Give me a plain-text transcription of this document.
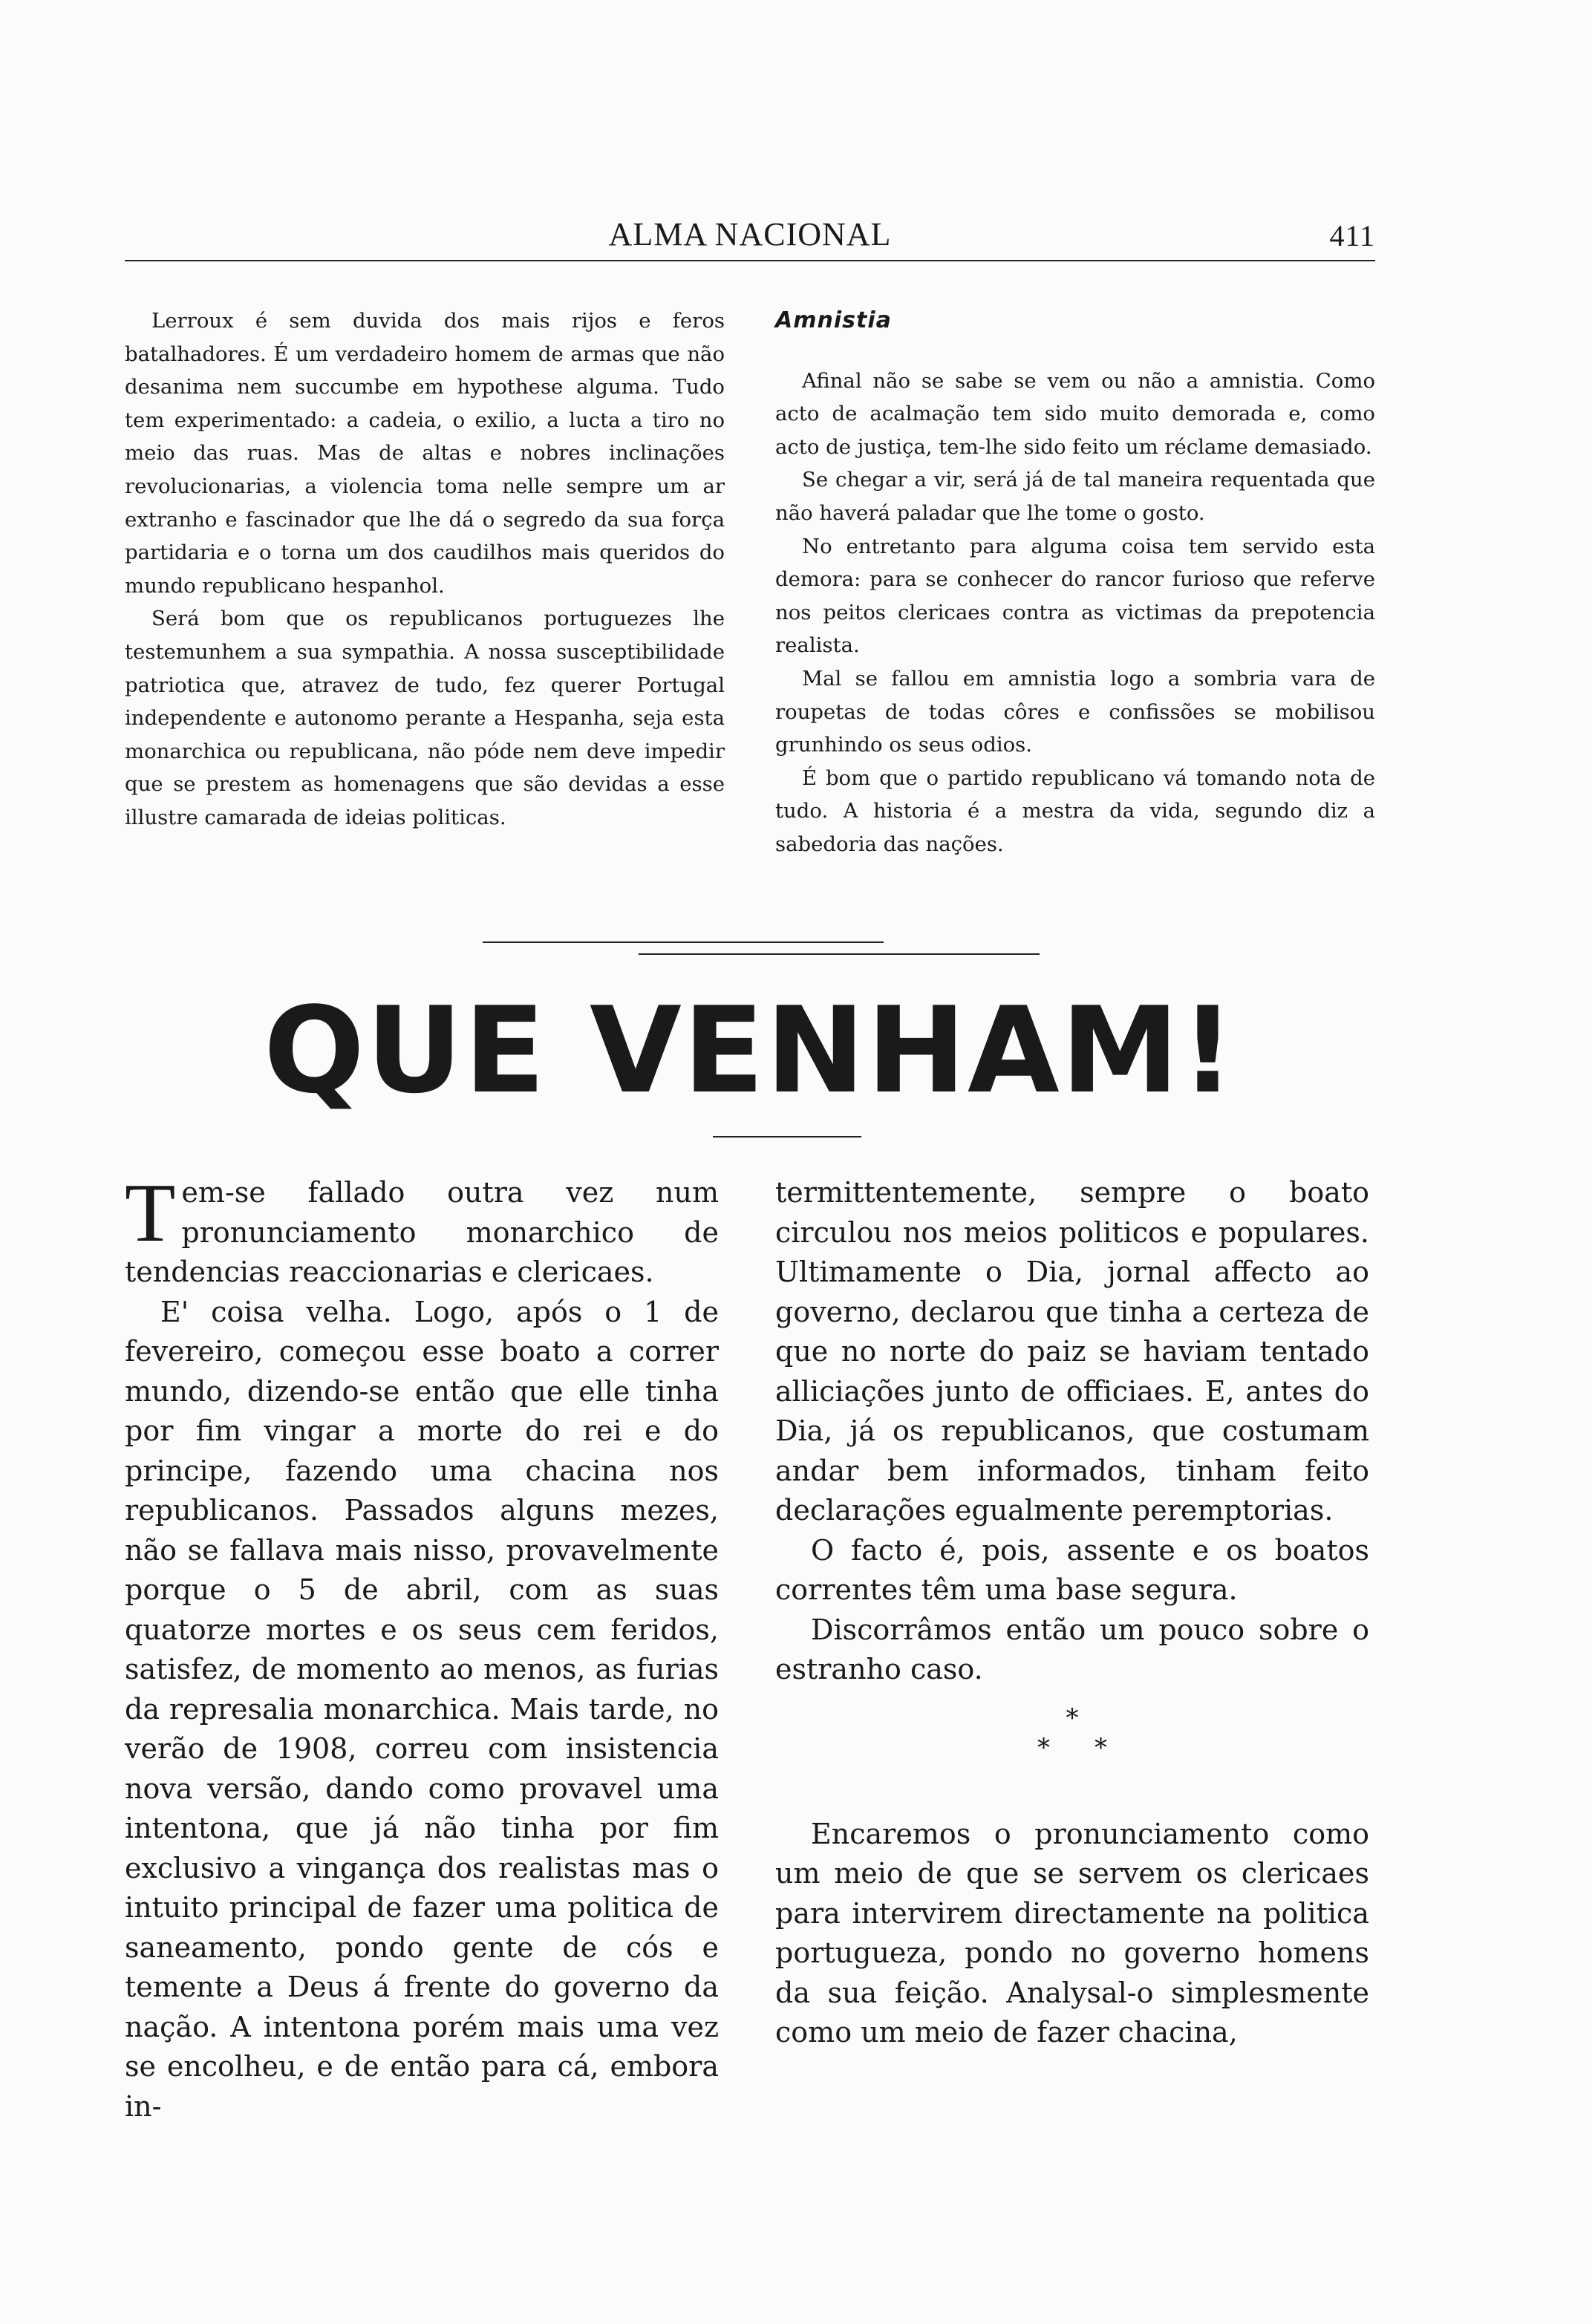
ALMA NACIONAL	411

Lerroux é sem duvida dos mais rijos e feros batalhadores. É um verdadeiro homem de armas que não desanima nem succumbe em hypothese alguma. Tudo tem experimentado: a cadeia, o exilio, a lucta a tiro no meio das ruas. Mas de altas e nobres inclinações revolucionarias, a violencia toma nelle sempre um ar extranho e fascinador que lhe dá o segredo da sua força partidaria e o torna um dos caudilhos mais queridos do mundo republicano hespanhol.

Será bom que os republicanos portuguezes lhe testemunhem a sua sympathia. A nossa susceptibilidade patriotica que, atravez de tudo, fez querer Portugal independente e autonomo perante a Hespanha, seja esta monarchica ou republicana, não póde nem deve impedir que se prestem as homenagens que são devidas a esse illustre camarada de ideias politicas.

Amnistia

Afinal não se sabe se vem ou não a amnistia. Como acto de acalmação tem sido muito demorada e, como acto de justiça, tem-lhe sido feito um réclame demasiado.

Se chegar a vir, será já de tal maneira requentada que não haverá paladar que lhe tome o gosto.

No entretanto para alguma coisa tem servido esta demora: para se conhecer do rancor furioso que referve nos peitos clericaes contra as victimas da prepotencia realista.

Mal se fallou em amnistia logo a sombria vara de roupetas de todas côres e confissões se mobilisou grunhindo os seus odios.

É bom que o partido republicano vá tomando nota de tudo. A historia é a mestra da vida, segundo diz a sabedoria das nações.

QUE VENHAM!

Tem-se fallado outra vez num pronunciamento monarchico de tendencias reaccionarias e clericaes.

E' coisa velha. Logo, após o 1 de fevereiro, começou esse boato a correr mundo, dizendo-se então que elle tinha por fim vingar a morte do rei e do principe, fazendo uma chacina nos republicanos. Passados alguns mezes, não se fallava mais nisso, provavelmente porque o 5 de abril, com as suas quatorze mortes e os seus cem feridos, satisfez, de momento ao menos, as furias da represalia monarchica. Mais tarde, no verão de 1908, correu com insistencia nova versão, dando como provavel uma intentona, que já não tinha por fim exclusivo a vingança dos realistas mas o intuito principal de fazer uma politica de saneamento, pondo gente de cós e temente a Deus á frente do governo da nação. A intentona porém mais uma vez se encolheu, e de então para cá, embora in-

termittentemente, sempre o boato circulou nos meios politicos e populares. Ultimamente o Dia, jornal affecto ao governo, declarou que tinha a certeza de que no norte do paiz se haviam tentado alliciações junto de officiaes. E, antes do Dia, já os republicanos, que costumam andar bem informados, tinham feito declarações egualmente peremptorias.

O facto é, pois, assente e os boatos correntes têm uma base segura.

Discorrâmos então um pouco sobre o estranho caso.

*
**

Encaremos o pronunciamento como um meio de que se servem os clericaes para intervirem directamente na politica portugueza, pondo no governo homens da sua feição. Analysal-o simplesmente como um meio de fazer chacina,
